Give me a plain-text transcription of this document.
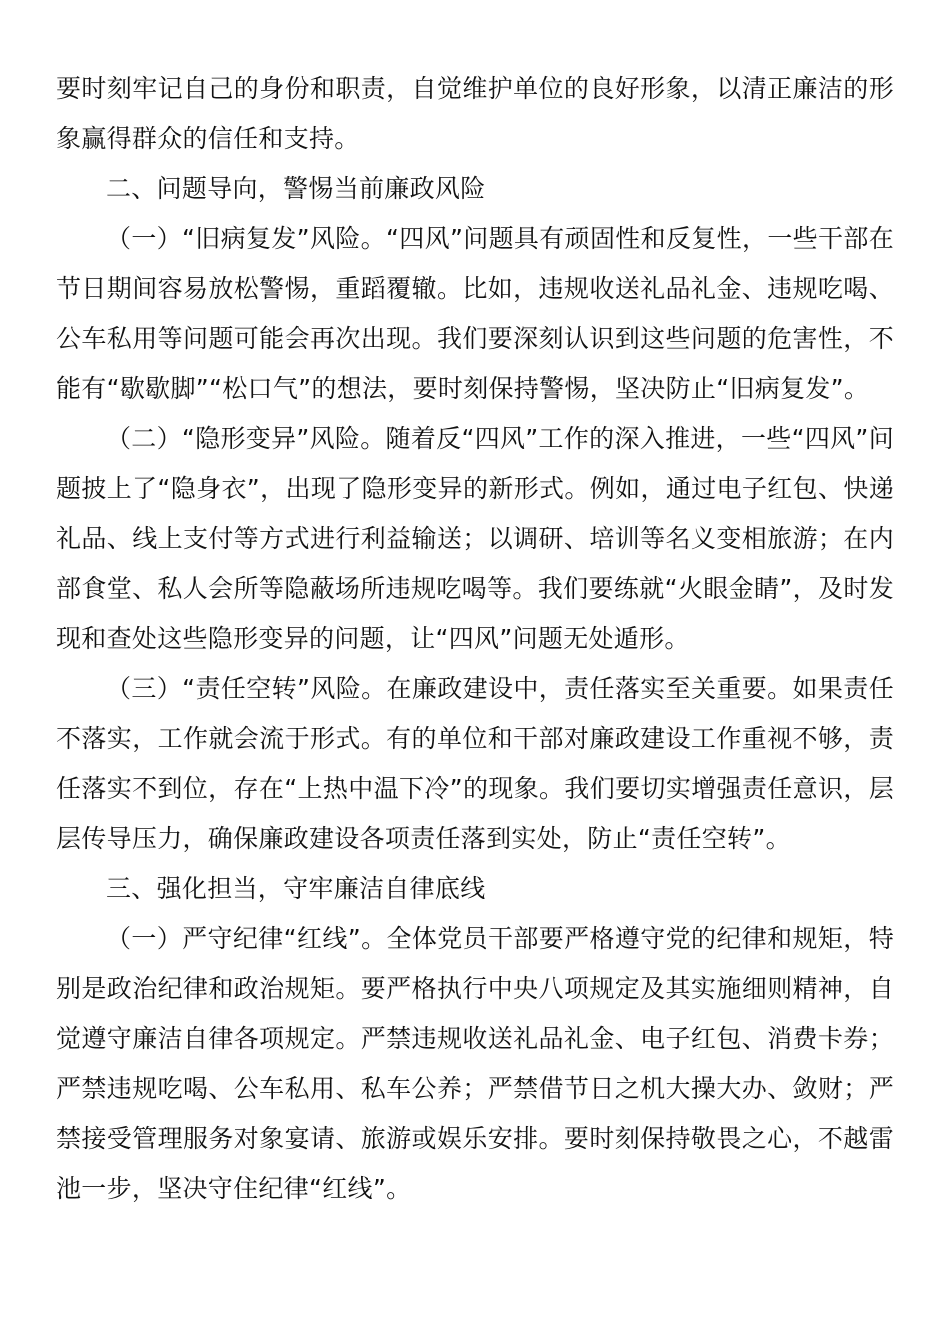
要时刻牢记自己的身份和职责，自觉维护单位的良好形象，以清正廉洁的形象赢得群众的信任和支持。

二、问题导向，警惕当前廉政风险

（一）“旧病复发”风险。“四风”问题具有顽固性和反复性，一些干部在节日期间容易放松警惕，重蹈覆辙。比如，违规收送礼品礼金、违规吃喝、公车私用等问题可能会再次出现。我们要深刻认识到这些问题的危害性，不能有“歇歇脚”“松口气”的想法，要时刻保持警惕，坚决防止“旧病复发”。

（二）“隐形变异”风险。随着反“四风”工作的深入推进，一些“四风”问题披上了“隐身衣”，出现了隐形变异的新形式。例如，通过电子红包、快递礼品、线上支付等方式进行利益输送；以调研、培训等名义变相旅游；在内部食堂、私人会所等隐蔽场所违规吃喝等。我们要练就“火眼金睛”，及时发现和查处这些隐形变异的问题，让“四风”问题无处遁形。

（三）“责任空转”风险。在廉政建设中，责任落实至关重要。如果责任不落实，工作就会流于形式。有的单位和干部对廉政建设工作重视不够，责任落实不到位，存在“上热中温下冷”的现象。我们要切实增强责任意识，层层传导压力，确保廉政建设各项责任落到实处，防止“责任空转”。

三、强化担当，守牢廉洁自律底线

（一）严守纪律“红线”。全体党员干部要严格遵守党的纪律和规矩，特别是政治纪律和政治规矩。要严格执行中央八项规定及其实施细则精神，自觉遵守廉洁自律各项规定。严禁违规收送礼品礼金、电子红包、消费卡券；严禁违规吃喝、公车私用、私车公养；严禁借节日之机大操大办、敛财；严禁接受管理服务对象宴请、旅游或娱乐安排。要时刻保持敬畏之心，不越雷池一步，坚决守住纪律“红线”。
